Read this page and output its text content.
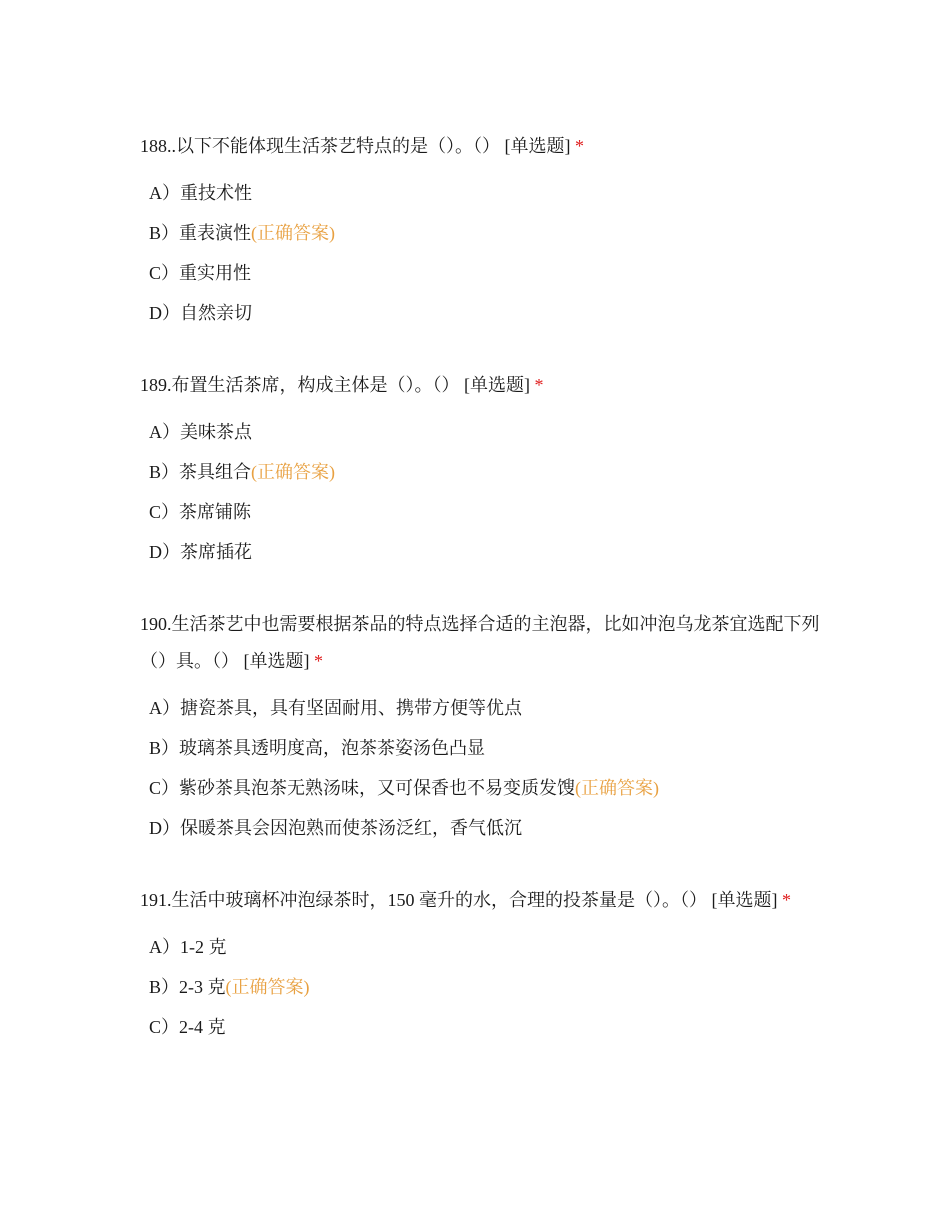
188..以下不能体现生活茶艺特点的是（）。（） [单选题] *
A）重技术性
B）重表演性(正确答案)
C）重实用性
D）自然亲切
189.布置生活茶席，构成主体是（）。（） [单选题] *
A）美味茶点
B）茶具组合(正确答案)
C）茶席铺陈
D）茶席插花
190.生活茶艺中也需要根据茶品的特点选择合适的主泡器，比如冲泡乌龙茶宜选配下列（）具。（） [单选题] *
A）搪瓷茶具，具有坚固耐用、携带方便等优点
B）玻璃茶具透明度高，泡茶茶姿汤色凸显
C）紫砂茶具泡茶无熟汤味，又可保香也不易变质发馊(正确答案)
D）保暖茶具会因泡熟而使茶汤泛红，香气低沉
191.生活中玻璃杯冲泡绿茶时，150 毫升的水，合理的投茶量是（）。（） [单选题] *
A）1-2 克
B）2-3 克(正确答案)
C）2-4 克
